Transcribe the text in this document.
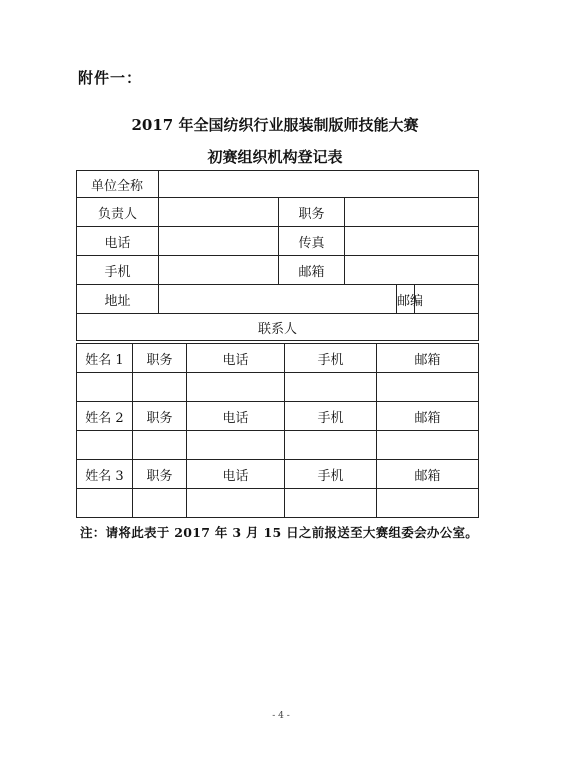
附件一：
2017 年全国纺织行业服装制版师技能大赛
初赛组织机构登记表
单位全称					
负责人		职务			
电话		传真			
手机		邮箱			
地址				邮编	
联系人					
姓名 1	职务	电话	手机	邮箱

姓名 2	职务	电话	手机	邮箱

姓名 3	职务	电话	手机	邮箱

注：请将此表于 2017 年 3 月 15 日之前报送至大赛组委会办公室。
- 4 -
